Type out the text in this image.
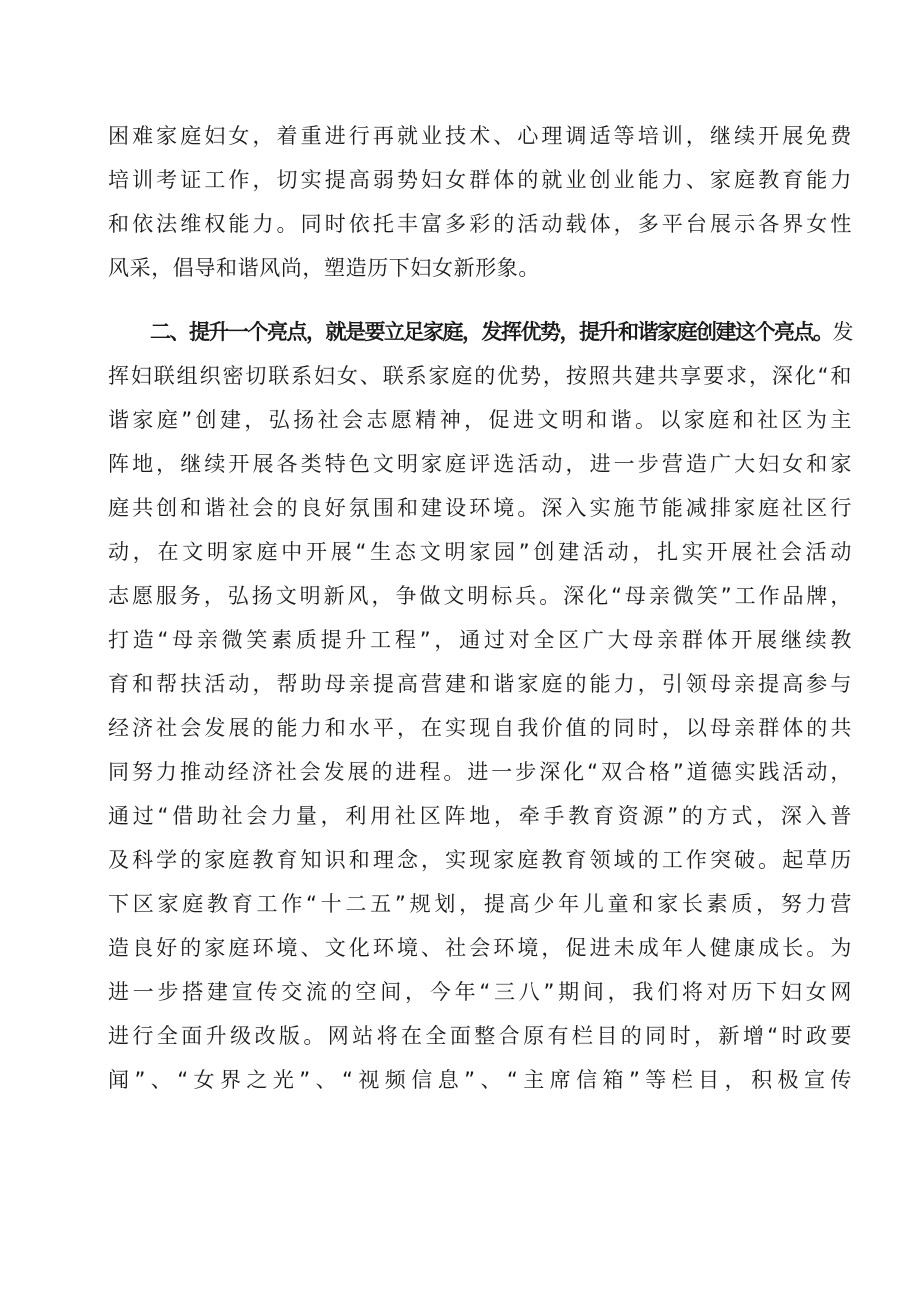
困难家庭妇女，着重进行再就业技术、心理调适等培训，继续开展免费
培训考证工作，切实提高弱势妇女群体的就业创业能力、家庭教育能力
和依法维权能力。同时依托丰富多彩的活动载体，多平台展示各界女性
风采，倡导和谐风尚，塑造历下妇女新形象。
二、提升一个亮点，就是要立足家庭，发挥优势，提升和谐家庭创建这个亮点。发
挥妇联组织密切联系妇女、联系家庭的优势，按照共建共享要求，深化“和
谐家庭”创建，弘扬社会志愿精神，促进文明和谐。以家庭和社区为主
阵地，继续开展各类特色文明家庭评选活动，进一步营造广大妇女和家
庭共创和谐社会的良好氛围和建设环境。深入实施节能减排家庭社区行
动，在文明家庭中开展“生态文明家园”创建活动，扎实开展社会活动
志愿服务，弘扬文明新风，争做文明标兵。深化“母亲微笑”工作品牌，
打造“母亲微笑素质提升工程”，通过对全区广大母亲群体开展继续教
育和帮扶活动，帮助母亲提高营建和谐家庭的能力，引领母亲提高参与
经济社会发展的能力和水平，在实现自我价值的同时，以母亲群体的共
同努力推动经济社会发展的进程。进一步深化“双合格”道德实践活动，
通过“借助社会力量，利用社区阵地，牵手教育资源”的方式，深入普
及科学的家庭教育知识和理念，实现家庭教育领域的工作突破。起草历
下区家庭教育工作“十二五”规划，提高少年儿童和家长素质，努力营
造良好的家庭环境、文化环境、社会环境，促进未成年人健康成长。为
进一步搭建宣传交流的空间，今年“三八”期间，我们将对历下妇女网
进行全面升级改版。网站将在全面整合原有栏目的同时，新增“时政要
闻”、“女界之光”、“视频信息”、“主席信箱”等栏目，积极宣传
